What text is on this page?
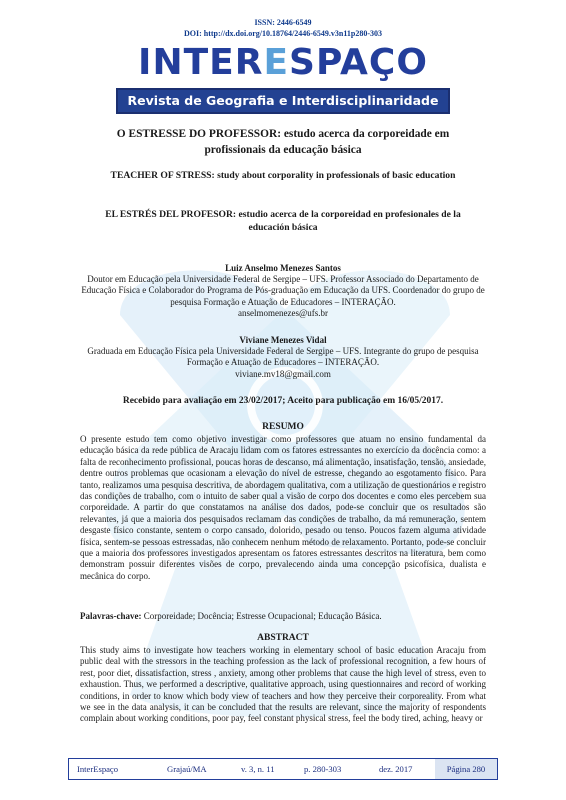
ISSN: 2446-6549
DOI: http://dx.doi.org/10.18764/2446-6549.v3n11p280-303
INTERESPAÇO
Revista de Geografia e Interdisciplinaridade
O ESTRESSE DO PROFESSOR: estudo acerca da corporeidade em profissionais da educação básica
TEACHER OF STRESS: study about corporality in professionals of basic education
EL ESTRÉS DEL PROFESOR: estudio acerca de la corporeidad en profesionales de la educación básica
Luiz Anselmo Menezes Santos
Doutor em Educação pela Universidade Federal de Sergipe – UFS. Professor Associado do Departamento de Educação Física e Colaborador do Programa de Pós-graduação em Educação da UFS. Coordenador do grupo de pesquisa Formação e Atuação de Educadores – INTERAÇÃO.
anselmomenezes@ufs.br
Viviane Menezes Vidal
Graduada em Educação Física pela Universidade Federal de Sergipe – UFS. Integrante do grupo de pesquisa Formação e Atuação de Educadores – INTERAÇÃO.
viviane.mv18@gmail.com
Recebido para avaliação em 23/02/2017; Aceito para publicação em 16/05/2017.
RESUMO
O presente estudo tem como objetivo investigar como professores que atuam no ensino fundamental da educação básica da rede pública de Aracaju lidam com os fatores estressantes no exercício da docência como: a falta de reconhecimento profissional, poucas horas de descanso, má alimentação, insatisfação, tensão, ansiedade, dentre outros problemas que ocasionam a elevação do nível de estresse, chegando ao esgotamento físico. Para tanto, realizamos uma pesquisa descritiva, de abordagem qualitativa, com a utilização de questionários e registro das condições de trabalho, com o intuito de saber qual a visão de corpo dos docentes e como eles percebem sua corporeidade. A partir do que constatamos na análise dos dados, pode-se concluir que os resultados são relevantes, já que a maioria dos pesquisados reclamam das condições de trabalho, da má remuneração, sentem desgaste físico constante, sentem o corpo cansado, dolorido, pesado ou tenso. Poucos fazem alguma atividade física, sentem-se pessoas estressadas, não conhecem nenhum método de relaxamento. Portanto, pode-se concluir que a maioria dos professores investigados apresentam os fatores estressantes descritos na literatura, bem como demonstram possuir diferentes visões de corpo, prevalecendo ainda uma concepção psicofísica, dualista e mecânica do corpo.
Palavras-chave: Corporeidade; Docência; Estresse Ocupacional; Educação Básica.
ABSTRACT
This study aims to investigate how teachers working in elementary school of basic education Aracaju from public deal with the stressors in the teaching profession as the lack of professional recognition, a few hours of rest, poor diet, dissatisfaction, stress , anxiety, among other problems that cause the high level of stress, even to exhaustion. Thus, we performed a descriptive, qualitative approach, using questionnaires and record of working conditions, in order to know which body view of teachers and how they perceive their corporeality. From what we see in the data analysis, it can be concluded that the results are relevant, since the majority of respondents complain about working conditions, poor pay, feel constant physical stress, feel the body tired, aching, heavy or
InterEspaço	Grajaú/MA	v. 3, n. 11	p. 280-303	dez. 2017	Página 280
